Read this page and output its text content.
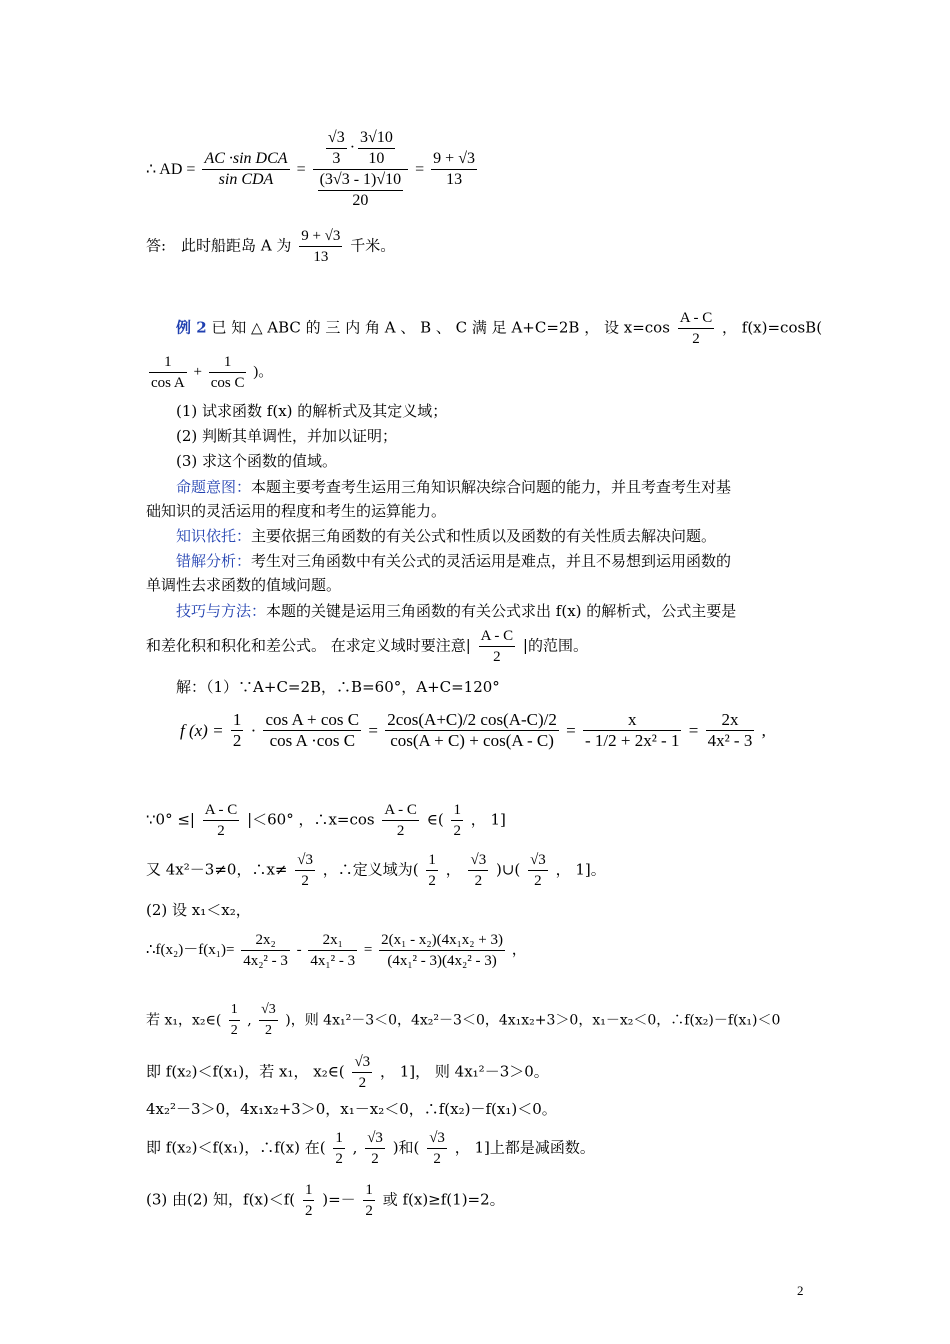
∴ AD = $\frac{\text{AC ·sin DCA}}{\text{sin CDA}} = \frac{\frac{√3}{3} \cdot \frac{3√10}{10}}{\frac{(3√3 - 1)√10}{20}} = \frac{9 + √3}{13}$
答:　此时船距岛 A 为 $\frac{9 + √3}{13}$ 千米。
例 2 已 知 △ ABC 的 三 内 角 A 、 B 、 C 满 足 A+C=2B ， 设 $x=\cos \frac{A - C}{2}$ ， f(x)=cosB(
$\frac{1}{\text{cos A}} + \frac{1}{\text{cos C}}$ )。
(1) 试求函数 f(x) 的解析式及其定义域；
(2) 判断其单调性，并加以证明；
(3) 求这个函数的值域。
命题意图：本题主要考查考生运用三角知识解决综合问题的能力，并且考查考生对基
础知识的灵活运用的程度和考生的运算能力。
知识依托：主要依据三角函数的有关公式和性质以及函数的有关性质去解决问题。
错解分析：考生对三角函数中有关公式的灵活运用是难点，并且不易想到运用函数的
单调性去求函数的值域问题。
技巧与方法：本题的关键是运用三角函数的有关公式求出 f(x) 的解析式，公式主要是
和差化积和积化和差公式。 在求定义域时要注意| $\frac{A - C}{2}$ |的范围。
解：（1）∵A+C=2B，∴B=60°，A+C=120°
f $(x) = \frac{1}{2} \cdot \frac{\text{cos A + cos C}}{\text{cos A ·cos C}} = \frac{2\cos(A+C)/2 \cos(A-C)/2}{\cos(A + C) + \cos(A - C)} = \frac{x}{\text{- 1/2 + 2x² - 1}} = \frac{2x}{\text{4x² - 3}}$ ,
∵0° ≤| $\frac{A - C}{2} |<60^\circ$ ，∴x=cos $\frac{A - C}{2}$ ∈( $\frac{1}{2}$ ， 1]
又 4x²－3≠0，∴x≠ $\frac{√3}{2}$ ，∴定义域为( $\frac{1}{2}$ ， $\frac{√3}{2}$ )∪( $\frac{√3}{2}$ ， 1]。
(2) 设 x₁＜x₂，
∴f(x₂)－f(x₁)= $\frac{\text{2x₂}}{\text{4x₂² - 3}} - \frac{\text{2x₁}}{\text{4x₁² - 3}} = \frac{\text{2(x₁ - x₂)(4x₁x₂ + 3)}}{\text{(4x₁² - 3)(4x₂² - 3)}}$ ，
若 x₁，x₂∈( $\frac{1}{2}$ , $\frac{√3}{2}$ )，则 4x₁²－3＜0，4x₂²－3＜0，4x₁x₂+3＞0，x₁－x₂＜0，∴f(x₂)－f(x₁)＜0
即 f(x₂)＜f(x₁)，若 x₁， x₂∈( $\frac{√3}{2}$ ， 1]， 则 4x₁²－3＞0。
4x₂²－3＞0，4x₁x₂+3＞0，x₁－x₂＜0，∴f(x₂)－f(x₁)＜0。
即 f(x₂)＜f(x₁)，∴f(x) 在( $\frac{1}{2}$ , $\frac{√3}{2}$ )和( $\frac{√3}{2}$ ， 1]上都是减函数。
(3) 由(2) 知，$f(x)<f( \frac{1}{2}$ )=－ $\frac{1}{2}$ 或 f(x)≥f(1)=2。
2
